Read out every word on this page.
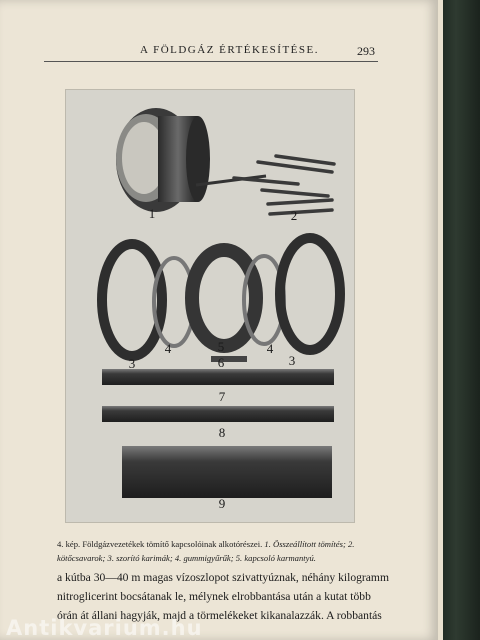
A FÖLDGÁZ ÉRTÉKESÍTÉSE.	293
1	2
3
4	5
6
4
3
7
8
9
4. kép. Földgázvezetékek tömítő kapcsolóinak alkotórészei. 1. Összeállított tömítés; 2. kötőcsavarok; 3. szorító karimák; 4. gummigyűrűk; 5. kapcsoló karmantyú.
a kútba 30—40 m magas vízoszlopot szivattyúznak, néhány kilogramm
nitroglicerint bocsátanak le, mélynek elrobbantása után a kutat több
órán át állani hagyják, majd a törmelékeket kikanalazzák. A robbantás
Antikvarium.hu
